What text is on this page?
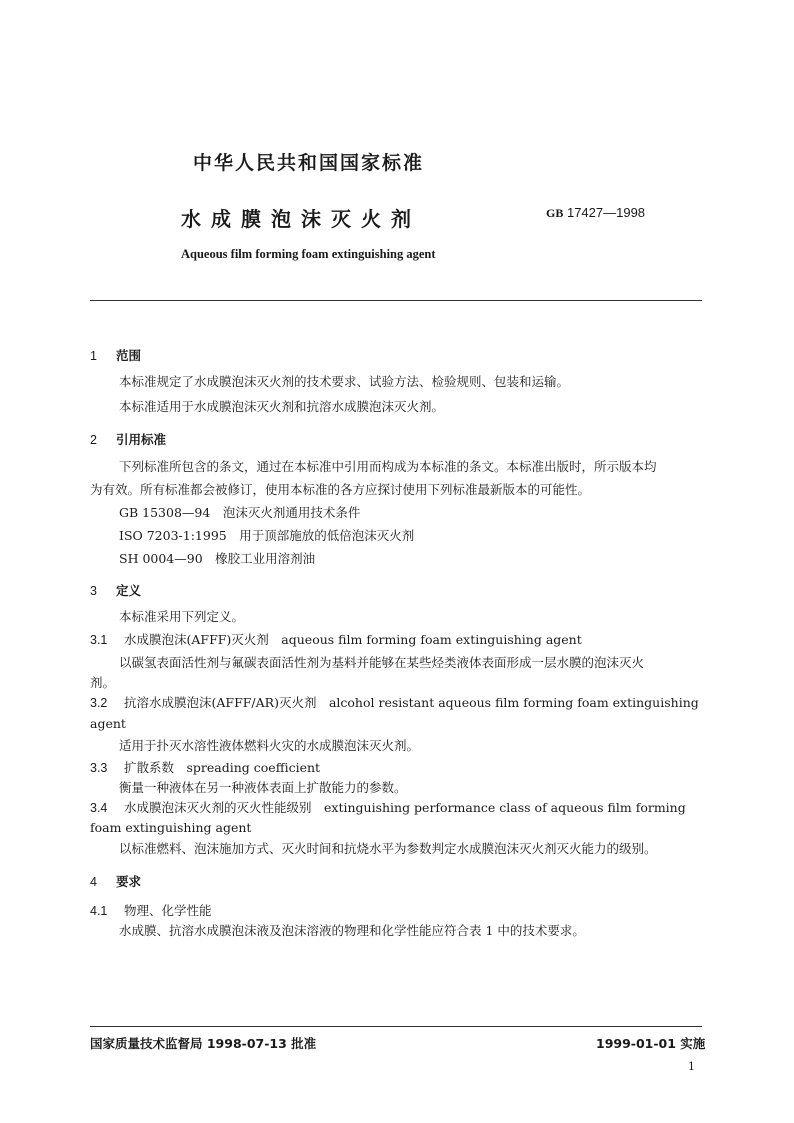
中华人民共和国国家标准
水成膜泡沫灭火剂	GB 17427—1998
Aqueous film forming foam extinguishing agent
1 范围
本标准规定了水成膜泡沫灭火剂的技术要求、试验方法、检验规则、包装和运输。
本标准适用于水成膜泡沫灭火剂和抗溶水成膜泡沫灭火剂。
2 引用标准
下列标准所包含的条文，通过在本标准中引用而构成为本标准的条文。本标准出版时，所示版本均
为有效。所有标准都会被修订，使用本标准的各方应探讨使用下列标准最新版本的可能性。
GB 15308—94　泡沫灭火剂通用技术条件
ISO 7203-1:1995　用于顶部施放的低倍泡沫灭火剂
SH 0004—90　橡胶工业用溶剂油
3 定义
本标准采用下列定义。
3.1 水成膜泡沫(AFFF)灭火剂　aqueous film forming foam extinguishing agent
以碳氢表面活性剂与氟碳表面活性剂为基料并能够在某些烃类液体表面形成一层水膜的泡沫灭火
剂。
3.2 抗溶水成膜泡沫(AFFF/AR)灭火剂　alcohol resistant aqueous film forming foam extinguishing
agent
适用于扑灭水溶性液体燃料火灾的水成膜泡沫灭火剂。
3.3 扩散系数　spreading coefficient
衡量一种液体在另一种液体表面上扩散能力的参数。
3.4 水成膜泡沫灭火剂的灭火性能级别　extinguishing performance class of aqueous film forming
foam extinguishing agent
以标准燃料、泡沫施加方式、灭火时间和抗烧水平为参数判定水成膜泡沫灭火剂灭火能力的级别。
4 要求
4.1 物理、化学性能
水成膜、抗溶水成膜泡沫液及泡沫溶液的物理和化学性能应符合表 1 中的技术要求。
国家质量技术监督局 1998-07-13 批准	1999-01-01 实施
1
